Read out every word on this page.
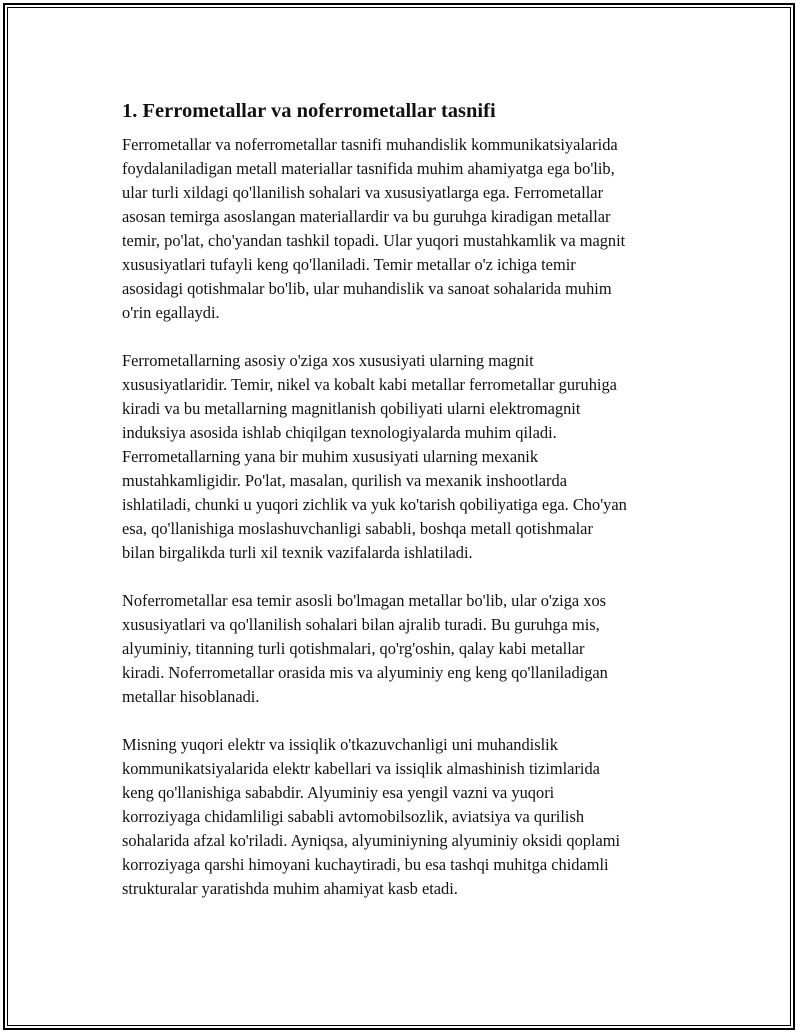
1. Ferrometallar va noferrometallar tasnifi

Ferrometallar va noferrometallar tasnifi muhandislik kommunikatsiyalarida
foydalaniladigan metall materiallar tasnifida muhim ahamiyatga ega bo'lib,
ular turli xildagi qo'llanilish sohalari va xususiyatlarga ega. Ferrometallar
asosan temirga asoslangan materiallardir va bu guruhga kiradigan metallar
temir, po'lat, cho'yandan tashkil topadi. Ular yuqori mustahkamlik va magnit
xususiyatlari tufayli keng qo'llaniladi. Temir metallar o'z ichiga temir
asosidagi qotishmalar bo'lib, ular muhandislik va sanoat sohalarida muhim
o'rin egallaydi.

Ferrometallarning asosiy o'ziga xos xususiyati ularning magnit
xususiyatlaridir. Temir, nikel va kobalt kabi metallar ferrometallar guruhiga
kiradi va bu metallarning magnitlanish qobiliyati ularni elektromagnit
induksiya asosida ishlab chiqilgan texnologiyalarda muhim qiladi.
Ferrometallarning yana bir muhim xususiyati ularning mexanik
mustahkamligidir. Po'lat, masalan, qurilish va mexanik inshootlarda
ishlatiladi, chunki u yuqori zichlik va yuk ko'tarish qobiliyatiga ega. Cho'yan
esa, qo'llanishiga moslashuvchanligi sababli, boshqa metall qotishmalar
bilan birgalikda turli xil texnik vazifalarda ishlatiladi.

Noferrometallar esa temir asosli bo'lmagan metallar bo'lib, ular o'ziga xos
xususiyatlari va qo'llanilish sohalari bilan ajralib turadi. Bu guruhga mis,
alyuminiy, titanning turli qotishmalari, qo'rg'oshin, qalay kabi metallar
kiradi. Noferrometallar orasida mis va alyuminiy eng keng qo'llaniladigan
metallar hisoblanadi.

Misning yuqori elektr va issiqlik o'tkazuvchanligi uni muhandislik
kommunikatsiyalarida elektr kabellari va issiqlik almashinish tizimlarida
keng qo'llanishiga sababdir. Alyuminiy esa yengil vazni va yuqori
korroziyaga chidamliligi sababli avtomobilsozlik, aviatsiya va qurilish
sohalarida afzal ko'riladi. Ayniqsa, alyuminiyning alyuminiy oksidi qoplami
korroziyaga qarshi himoyani kuchaytiradi, bu esa tashqi muhitga chidamli
strukturalar yaratishda muhim ahamiyat kasb etadi.
